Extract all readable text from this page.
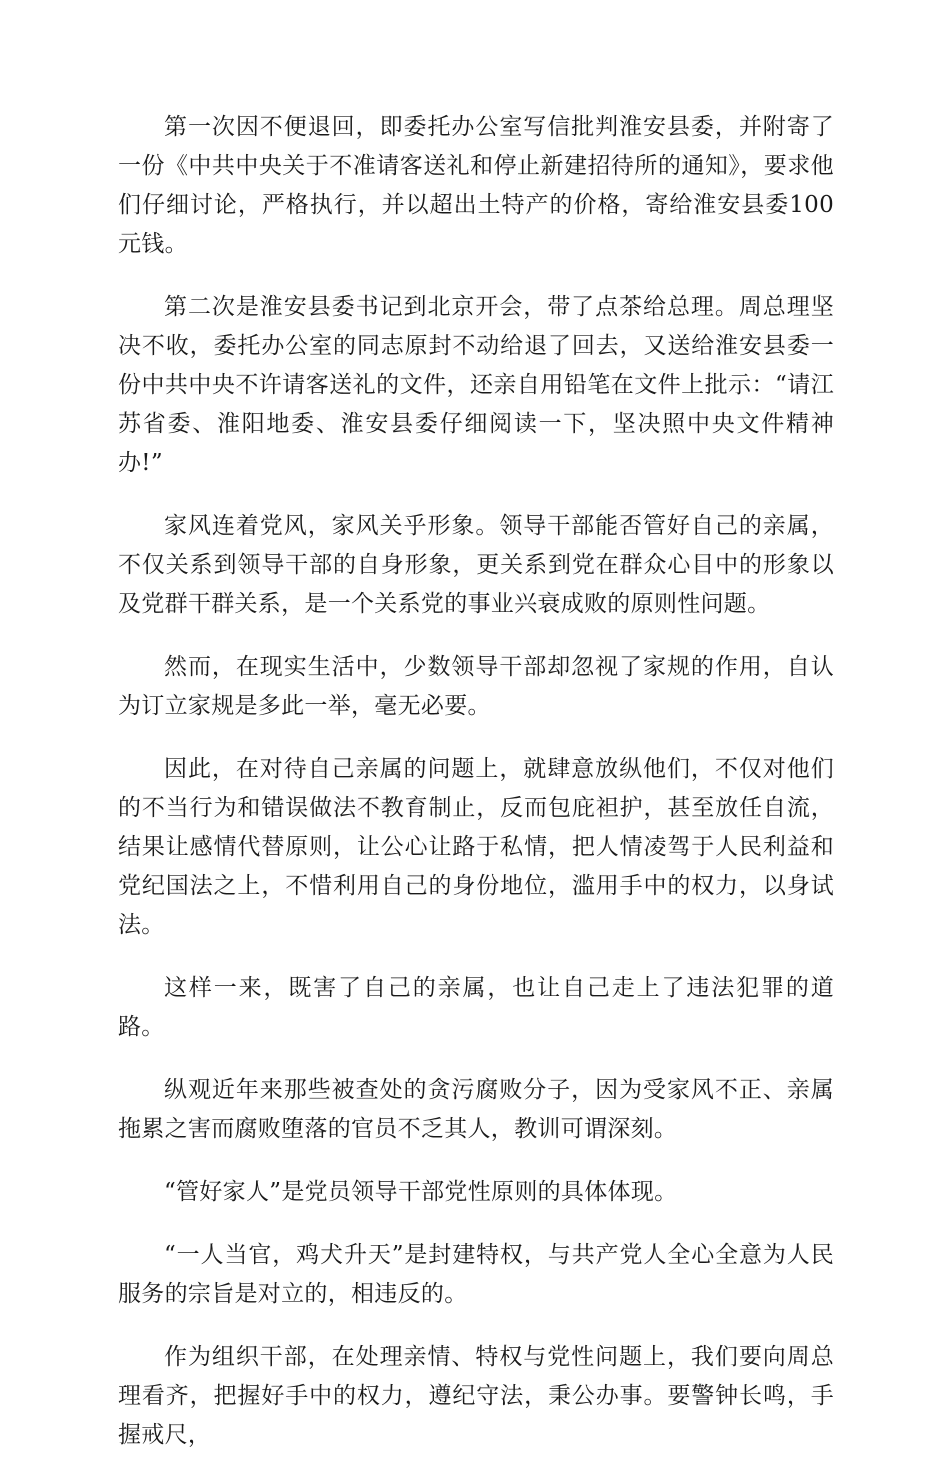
第一次因不便退回，即委托办公室写信批判淮安县委，并附寄了一份《中共中央关于不准请客送礼和停止新建招待所的通知》，要求他们仔细讨论，严格执行，并以超出土特产的价格，寄给淮安县委100元钱。

第二次是淮安县委书记到北京开会，带了点茶给总理。周总理坚决不收，委托办公室的同志原封不动给退了回去，又送给淮安县委一份中共中央不许请客送礼的文件，还亲自用铅笔在文件上批示：“请江苏省委、淮阳地委、淮安县委仔细阅读一下，坚决照中央文件精神办!”

家风连着党风，家风关乎形象。领导干部能否管好自己的亲属，不仅关系到领导干部的自身形象，更关系到党在群众心目中的形象以及党群干群关系，是一个关系党的事业兴衰成败的原则性问题。

然而，在现实生活中，少数领导干部却忽视了家规的作用，自认为订立家规是多此一举，毫无必要。

因此，在对待自己亲属的问题上，就肆意放纵他们，不仅对他们的不当行为和错误做法不教育制止，反而包庇袒护，甚至放任自流，结果让感情代替原则，让公心让路于私情，把人情凌驾于人民利益和党纪国法之上，不惜利用自己的身份地位，滥用手中的权力，以身试法。

这样一来，既害了自己的亲属，也让自己走上了违法犯罪的道路。

纵观近年来那些被查处的贪污腐败分子，因为受家风不正、亲属拖累之害而腐败堕落的官员不乏其人，教训可谓深刻。

“管好家人”是党员领导干部党性原则的具体体现。

“一人当官，鸡犬升天”是封建特权，与共产党人全心全意为人民服务的宗旨是对立的，相违反的。

作为组织干部，在处理亲情、特权与党性问题上，我们要向周总理看齐，把握好手中的权力，遵纪守法，秉公办事。要警钟长鸣，手握戒尺，
